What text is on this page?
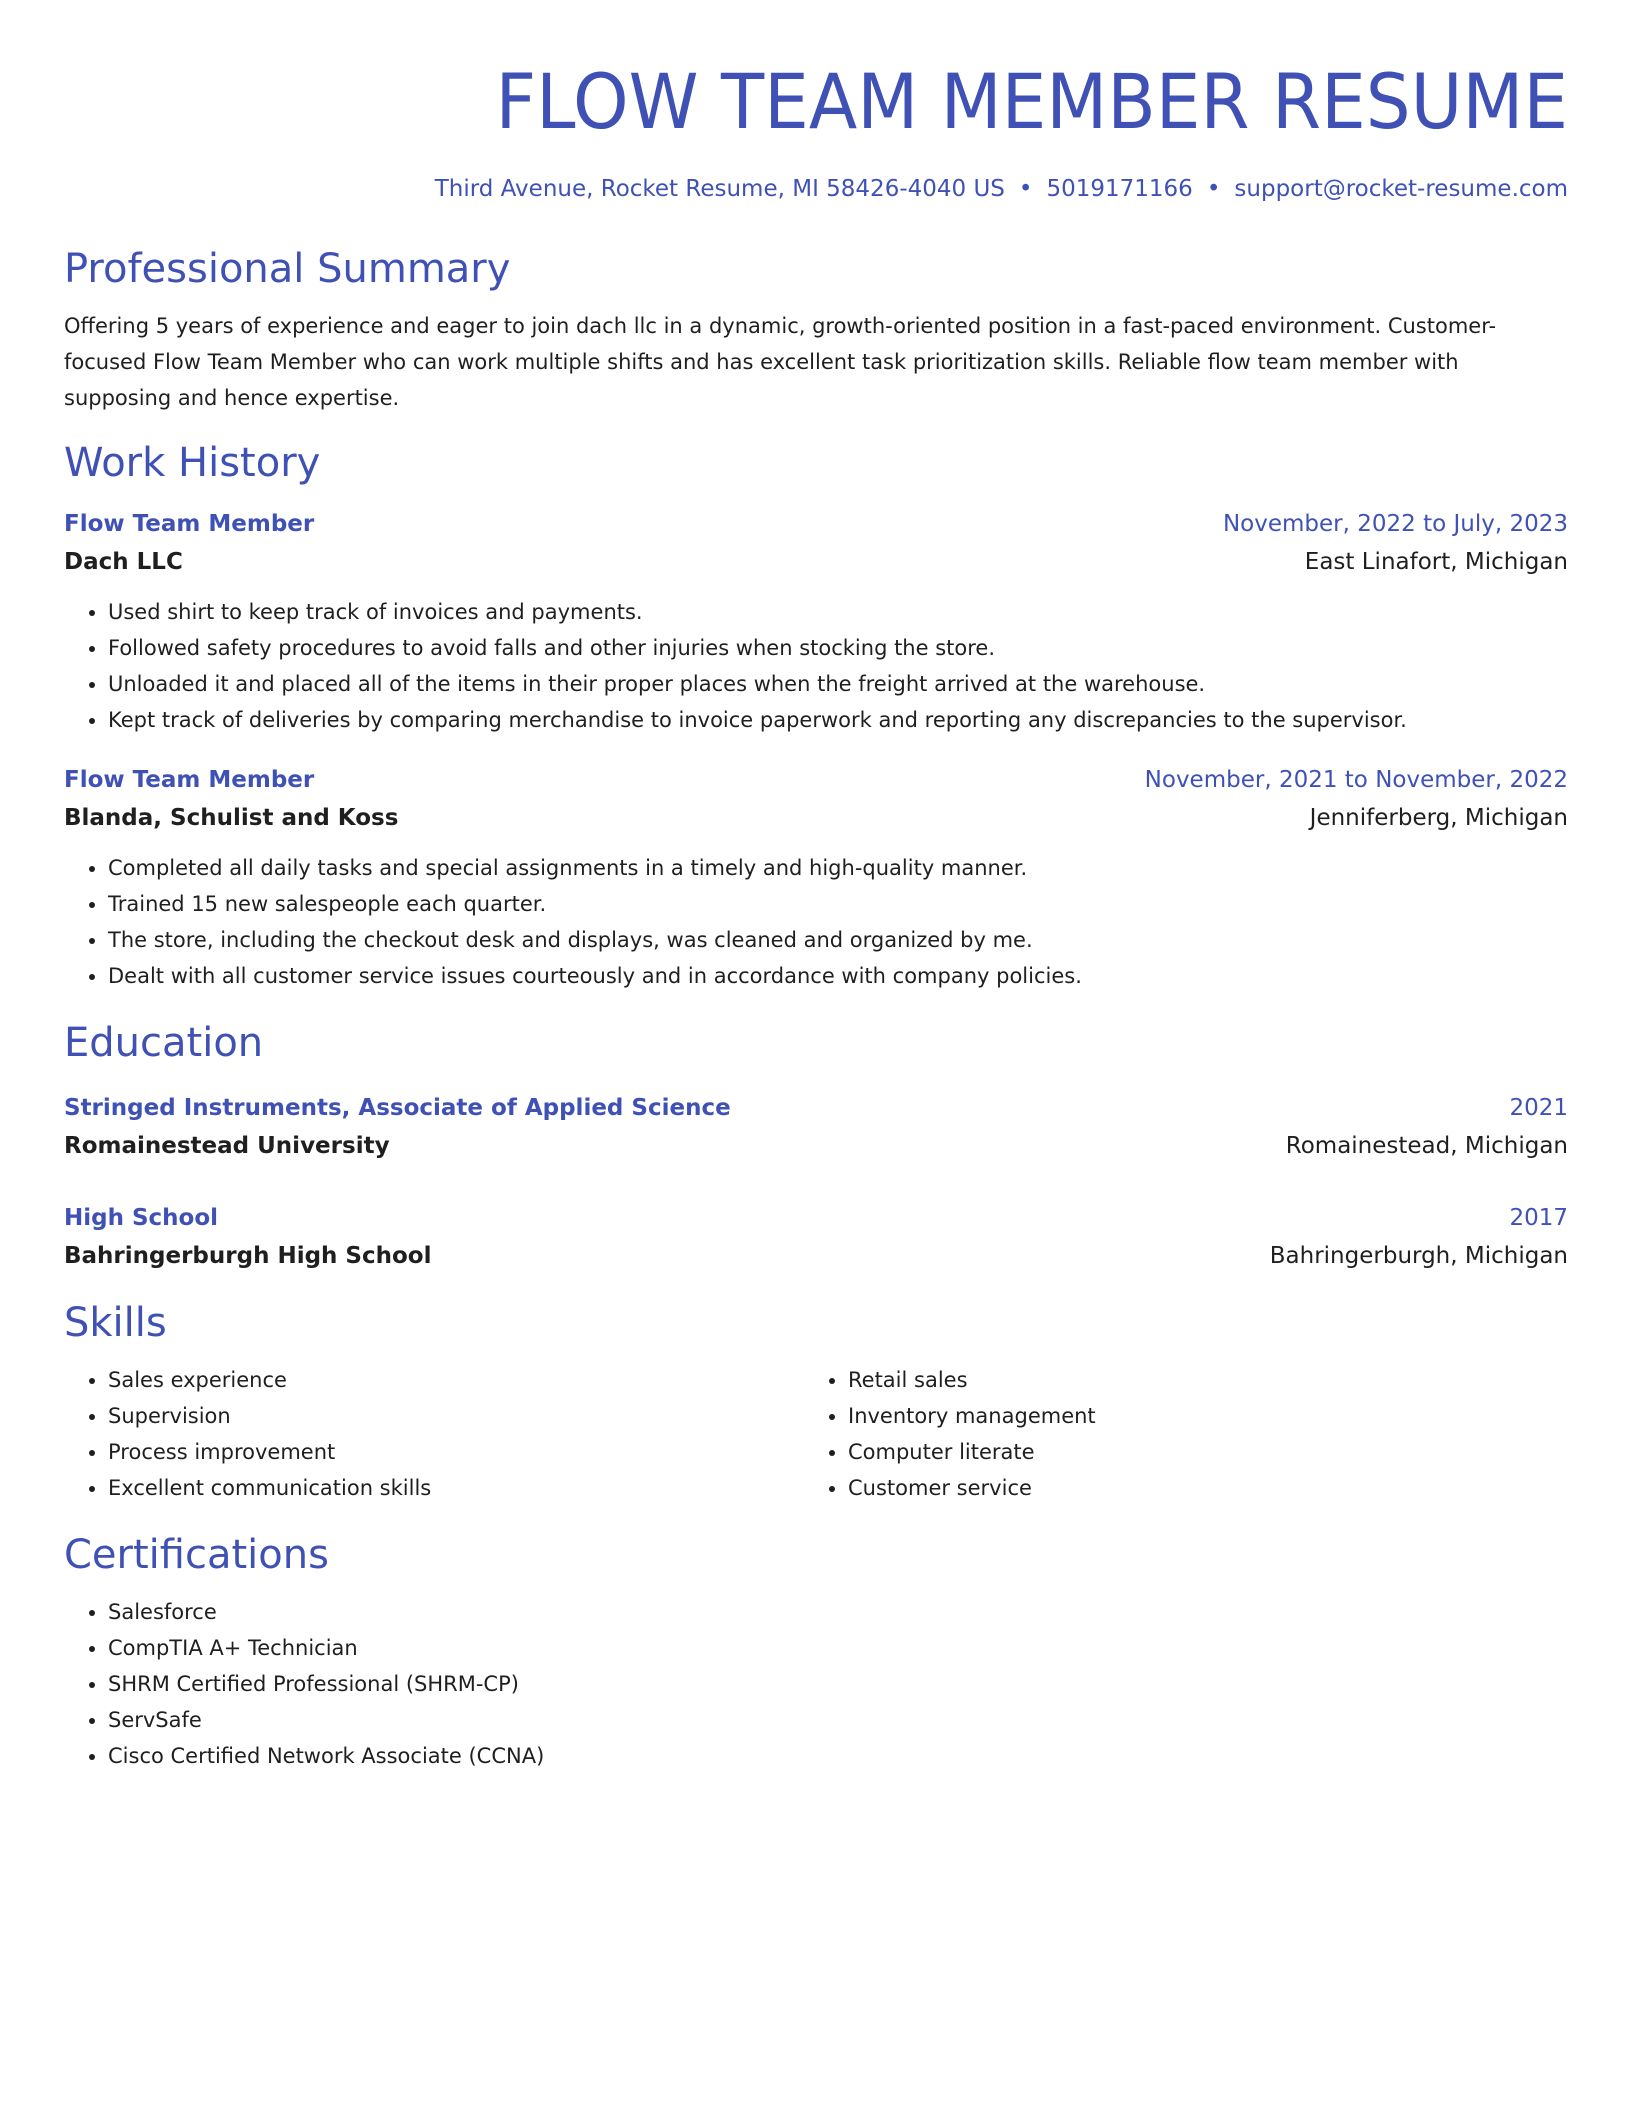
FLOW TEAM MEMBER RESUME
Third Avenue, Rocket Resume, MI 58426-4040 US • 5019171166 • support@rocket-resume.com
Professional Summary
Offering 5 years of experience and eager to join dach llc in a dynamic, growth-oriented position in a fast-paced environment. Customer-focused Flow Team Member who can work multiple shifts and has excellent task prioritization skills. Reliable flow team member with supposing and hence expertise.
Work History
Flow Team Member	November, 2022 to July, 2023
Dach LLC	East Linafort, Michigan
• Used shirt to keep track of invoices and payments.
• Followed safety procedures to avoid falls and other injuries when stocking the store.
• Unloaded it and placed all of the items in their proper places when the freight arrived at the warehouse.
• Kept track of deliveries by comparing merchandise to invoice paperwork and reporting any discrepancies to the supervisor.
Flow Team Member	November, 2021 to November, 2022
Blanda, Schulist and Koss	Jenniferberg, Michigan
• Completed all daily tasks and special assignments in a timely and high-quality manner.
• Trained 15 new salespeople each quarter.
• The store, including the checkout desk and displays, was cleaned and organized by me.
• Dealt with all customer service issues courteously and in accordance with company policies.
Education
Stringed Instruments, Associate of Applied Science	2021
Romainestead University	Romainestead, Michigan
High School	2017
Bahringerburgh High School	Bahringerburgh, Michigan
Skills
• Sales experience
• Supervision
• Process improvement
• Excellent communication skills
• Retail sales
• Inventory management
• Computer literate
• Customer service
Certifications
• Salesforce
• CompTIA A+ Technician
• SHRM Certified Professional (SHRM-CP)
• ServSafe
• Cisco Certified Network Associate (CCNA)
